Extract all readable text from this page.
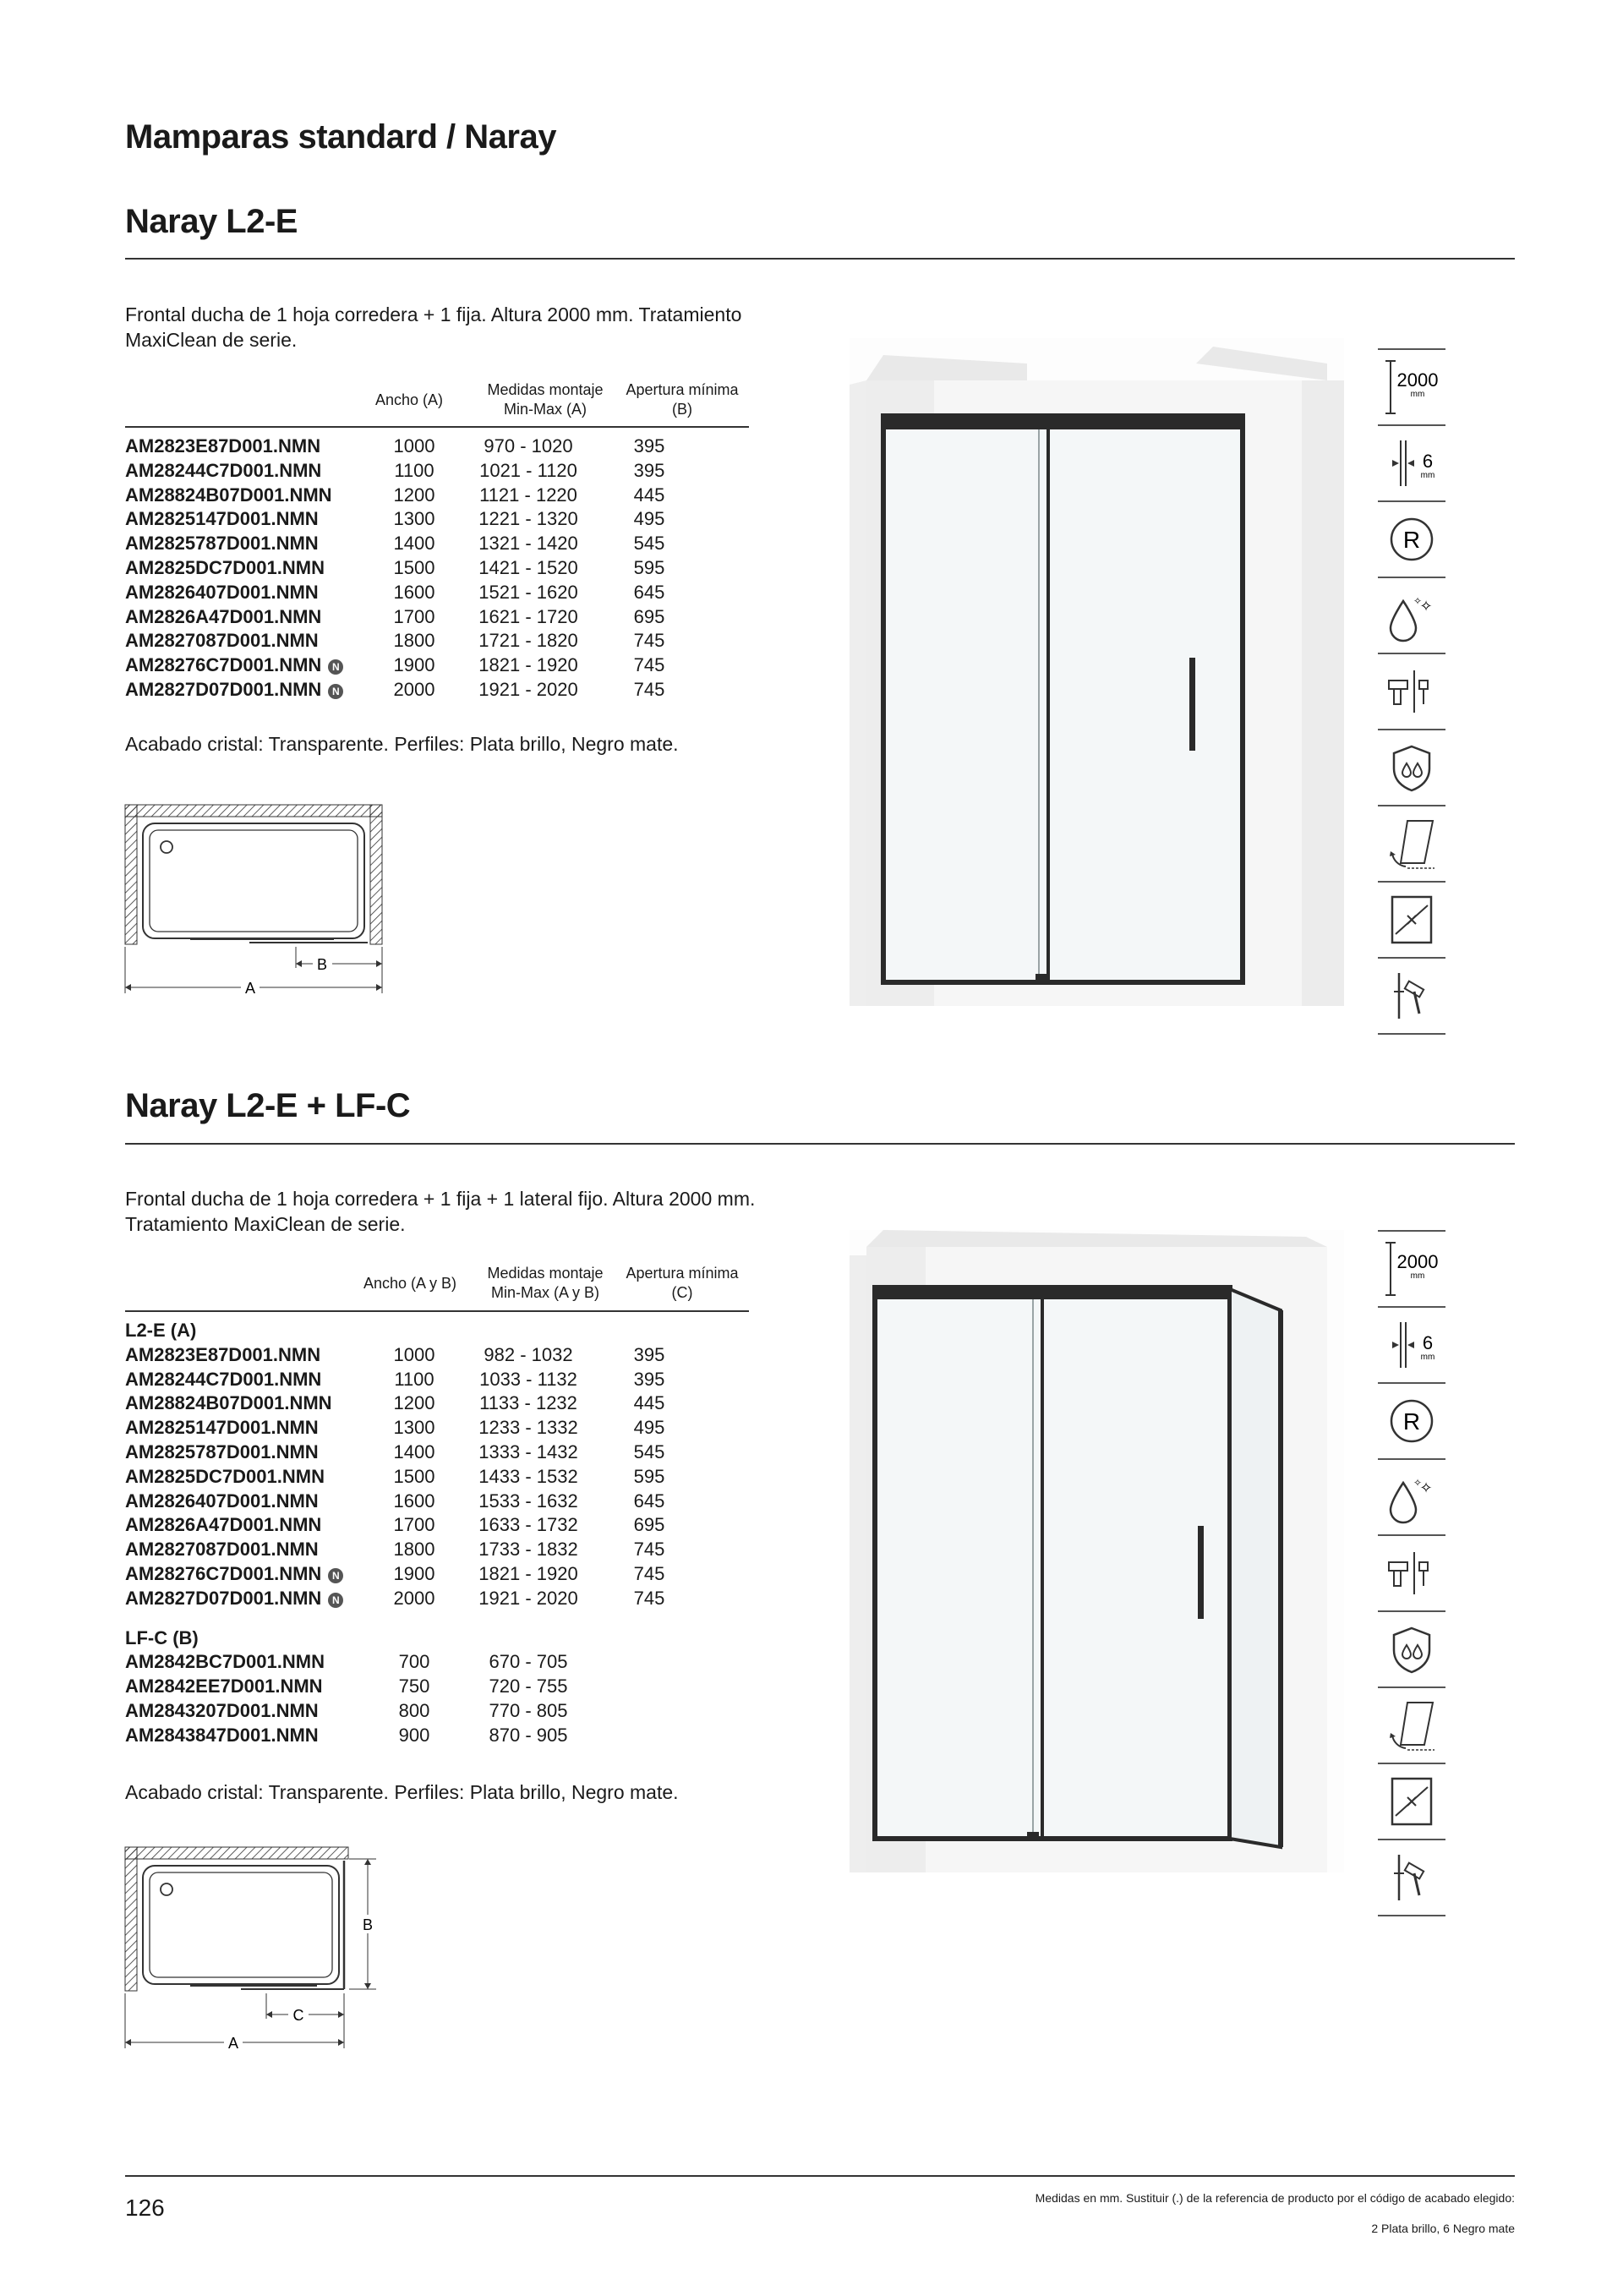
Mamparas standard / Naray
Naray L2-E
Frontal ducha de 1 hoja corredera + 1 fija. Altura 2000 mm. Tratamiento MaxiClean de serie.
Ancho (A)
Medidas montaje Min-Max (A)
Apertura mínima (B)
AM2823E87D001.NMN	1000	970 - 1020	395
AM28244C7D001.NMN	1100	1021 - 1120	395
AM28824B07D001.NMN	1200	1121 - 1220	445
AM2825147D001.NMN	1300	1221 - 1320	495
AM2825787D001.NMN	1400	1321 - 1420	545
AM2825DC7D001.NMN	1500	1421 - 1520	595
AM2826407D001.NMN	1600	1521 - 1620	645
AM2826A47D001.NMN	1700	1621 - 1720	695
AM2827087D001.NMN	1800	1721 - 1820	745
AM28276C7D001.NMN N	1900	1821 - 1920	745
AM2827D07D001.NMN N	2000	1921 - 2020	745
Acabado cristal: Transparente. Perfiles: Plata brillo, Negro mate.
B
A
2000
mm
6
mm
R
✧
✧
Naray L2-E + LF-C
Frontal ducha de 1 hoja corredera + 1 fija + 1 lateral fijo. Altura 2000 mm. Tratamiento MaxiClean de serie.
Ancho (A y B)
Medidas montaje Min-Max (A y B)
Apertura mínima (C)
L2-E (A)			
AM2823E87D001.NMN	1000	982 - 1032	395
AM28244C7D001.NMN	1100	1033 - 1132	395
AM28824B07D001.NMN	1200	1133 - 1232	445
AM2825147D001.NMN	1300	1233 - 1332	495
AM2825787D001.NMN	1400	1333 - 1432	545
AM2825DC7D001.NMN	1500	1433 - 1532	595
AM2826407D001.NMN	1600	1533 - 1632	645
AM2826A47D001.NMN	1700	1633 - 1732	695
AM2827087D001.NMN	1800	1733 - 1832	745
AM28276C7D001.NMN N	1900	1821 - 1920	745
AM2827D07D001.NMN N	2000	1921 - 2020	745

LF-C (B)			
AM2842BC7D001.NMN	700	670 - 705	
AM2842EE7D001.NMN	750	720 - 755	
AM2843207D001.NMN	800	770 - 805	
AM2843847D001.NMN	900	870 - 905	
Acabado cristal: Transparente. Perfiles: Plata brillo, Negro mate.
B
C
A
2000
mm
6
mm
R
✧
✧
126	Medidas en mm. Sustituir (.) de la referencia de producto por el código de acabado elegido:
2 Plata brillo, 6 Negro mate
